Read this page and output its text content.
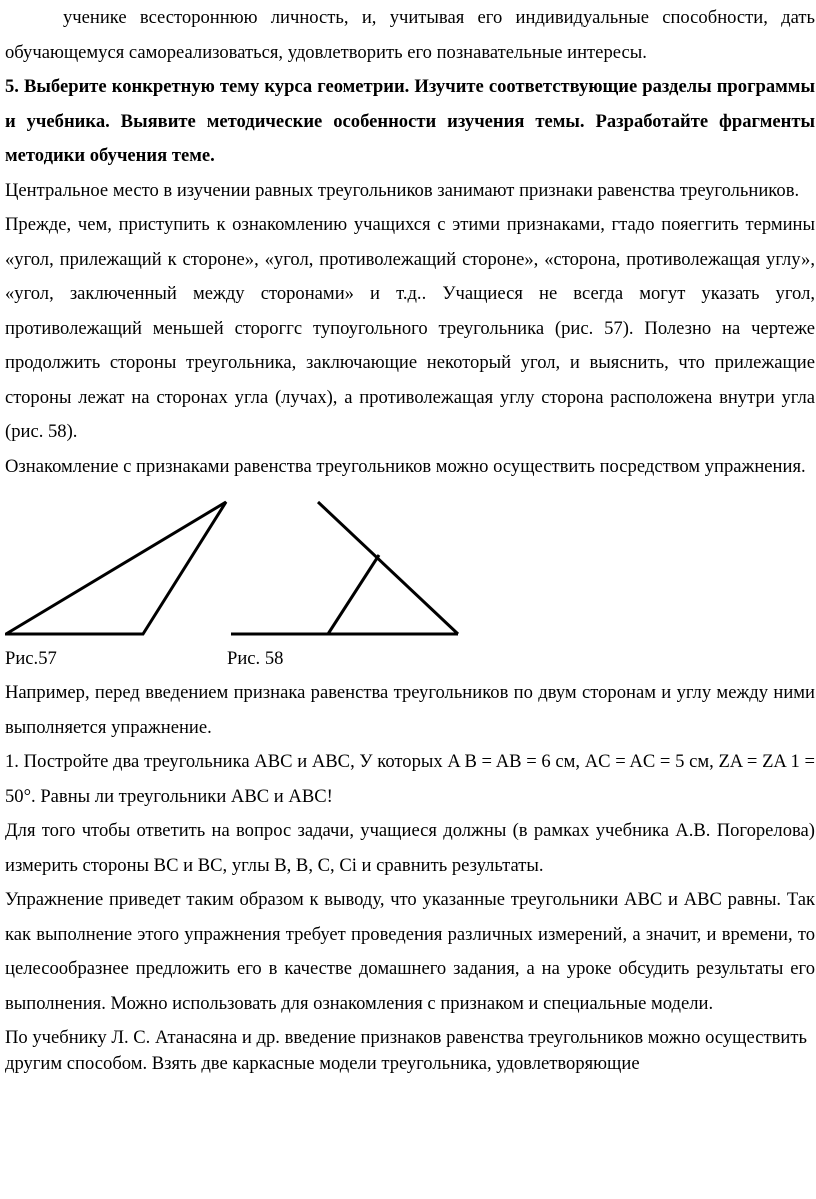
ученике всестороннюю личность, и, учитывая его индивидуальные способности, дать обучающемуся самореализоваться, удовлетворить его познавательные интересы.

5. Выберите конкретную тему курса геометрии. Изучите соответствующие разделы программы и учебника. Выявите методические особенности изучения темы. Разработайте фрагменты методики обучения теме.

Центральное место в изучении равных треугольников занимают признаки равенства треугольников.

Прежде, чем, приступить к ознакомлению учащихся с этими признаками, гтадо пояеггить термины «угол, прилежащий к стороне», «угол, противолежащий стороне», «сторона, противолежащая углу», «угол, заключенный между сторонами» и т.д.. Учащиеся не всегда могут указать угол, противолежащий меньшей стороггс тупоугольного треугольника (рис. 57). Полезно на чертеже продолжить стороны треугольника, заключающие некоторый угол, и выяснить, что прилежащие стороны лежат на сторонах угла (лучах), а противолежащая углу сторона расположена внутри угла (рис. 58).

Ознакомление с признаками равенства треугольников можно осуществить посредством упражнения.

Рис.57	Рис. 58

Например, перед введением признака равенства треугольников по двум сторонам и углу между ними выполняется упражнение.

1. Постройте два треугольника ABC и ABC, У которых A B = AB = 6 см, AC = AC = 5 см, ZA = ZA 1 = 50°. Равны ли треугольники ABC и ABC!

Для того чтобы ответить на вопрос задачи, учащиеся должны (в рамках учебника А.В. Погорелова) измерить стороны ВС и ВС, углы В, В, С, Ci и сравнить результаты.

Упражнение приведет таким образом к выводу, что указанные треугольники ABC и ABC равны. Так как выполнение этого упражнения требует проведения различных измерений, а значит, и времени, то целесообразнее предложить его в качестве домашнего задания, а на уроке обсудить результаты его выполнения. Можно использовать для ознакомления с признаком и специальные модели.

По учебнику Л. С. Атанасяна и др. введение признаков равенства треугольников можно осуществить другим способом. Взять две каркасные модели треугольника, удовлетворяющие
